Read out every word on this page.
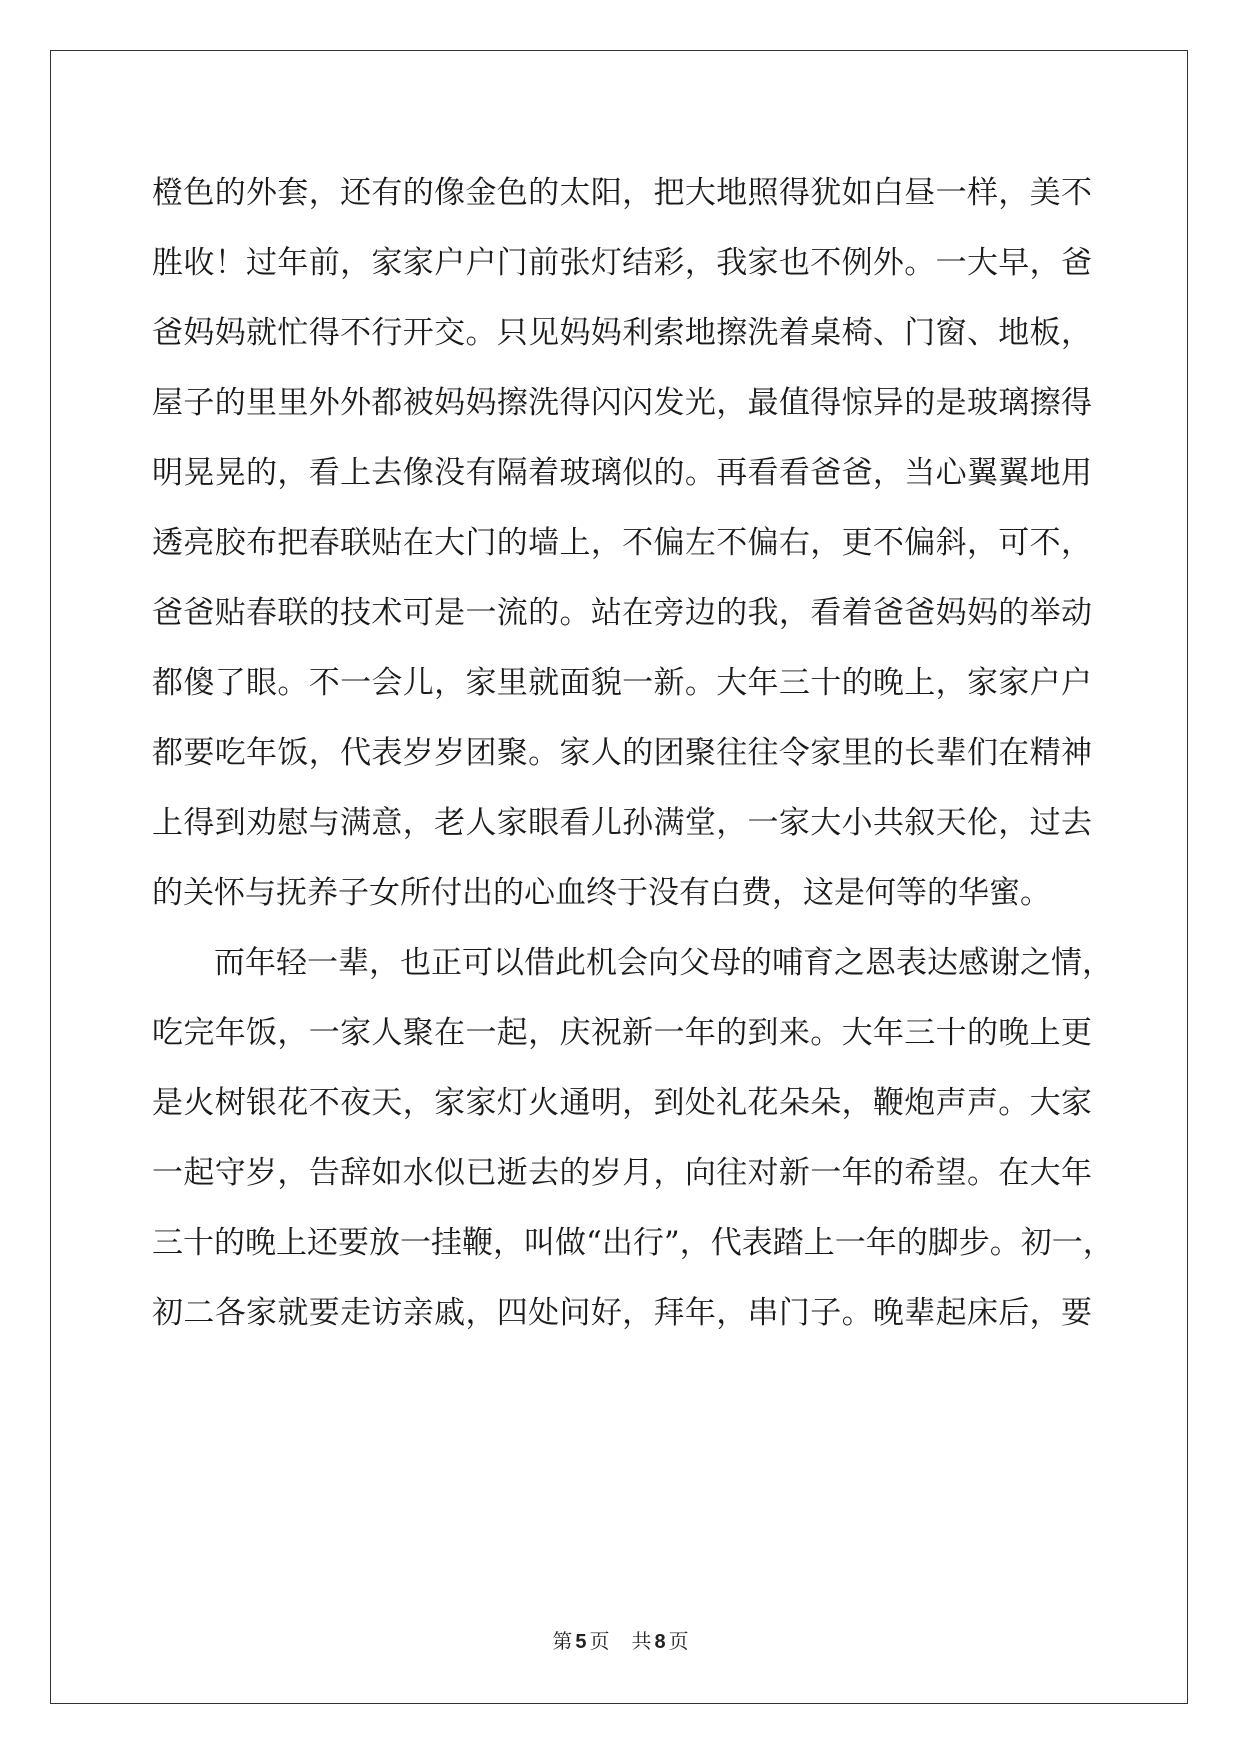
橙色的外套，还有的像金色的太阳，把大地照得犹如白昼一样，美不

胜收！过年前，家家户户门前张灯结彩，我家也不例外。一大早，爸

爸妈妈就忙得不行开交。只见妈妈利索地擦洗着桌椅、门窗、地板，

屋子的里里外外都被妈妈擦洗得闪闪发光，最值得惊异的是玻璃擦得

明晃晃的，看上去像没有隔着玻璃似的。再看看爸爸，当心翼翼地用

透亮胶布把春联贴在大门的墙上，不偏左不偏右，更不偏斜，可不，

爸爸贴春联的技术可是一流的。站在旁边的我，看着爸爸妈妈的举动

都傻了眼。不一会儿，家里就面貌一新。大年三十的晚上，家家户户

都要吃年饭，代表岁岁团聚。家人的团聚往往令家里的长辈们在精神

上得到劝慰与满意，老人家眼看儿孙满堂，一家大小共叙天伦，过去

的关怀与抚养子女所付出的心血终于没有白费，这是何等的华蜜。

而年轻一辈，也正可以借此机会向父母的哺育之恩表达感谢之情，

吃完年饭，一家人聚在一起，庆祝新一年的到来。大年三十的晚上更

是火树银花不夜天，家家灯火通明，到处礼花朵朵，鞭炮声声。大家

一起守岁，告辞如水似已逝去的岁月，向往对新一年的希望。在大年

三十的晚上还要放一挂鞭，叫做“出行”，代表踏上一年的脚步。初一，

初二各家就要走访亲戚，四处问好，拜年，串门子。晚辈起床后，要

第 5 页 共 8 页
